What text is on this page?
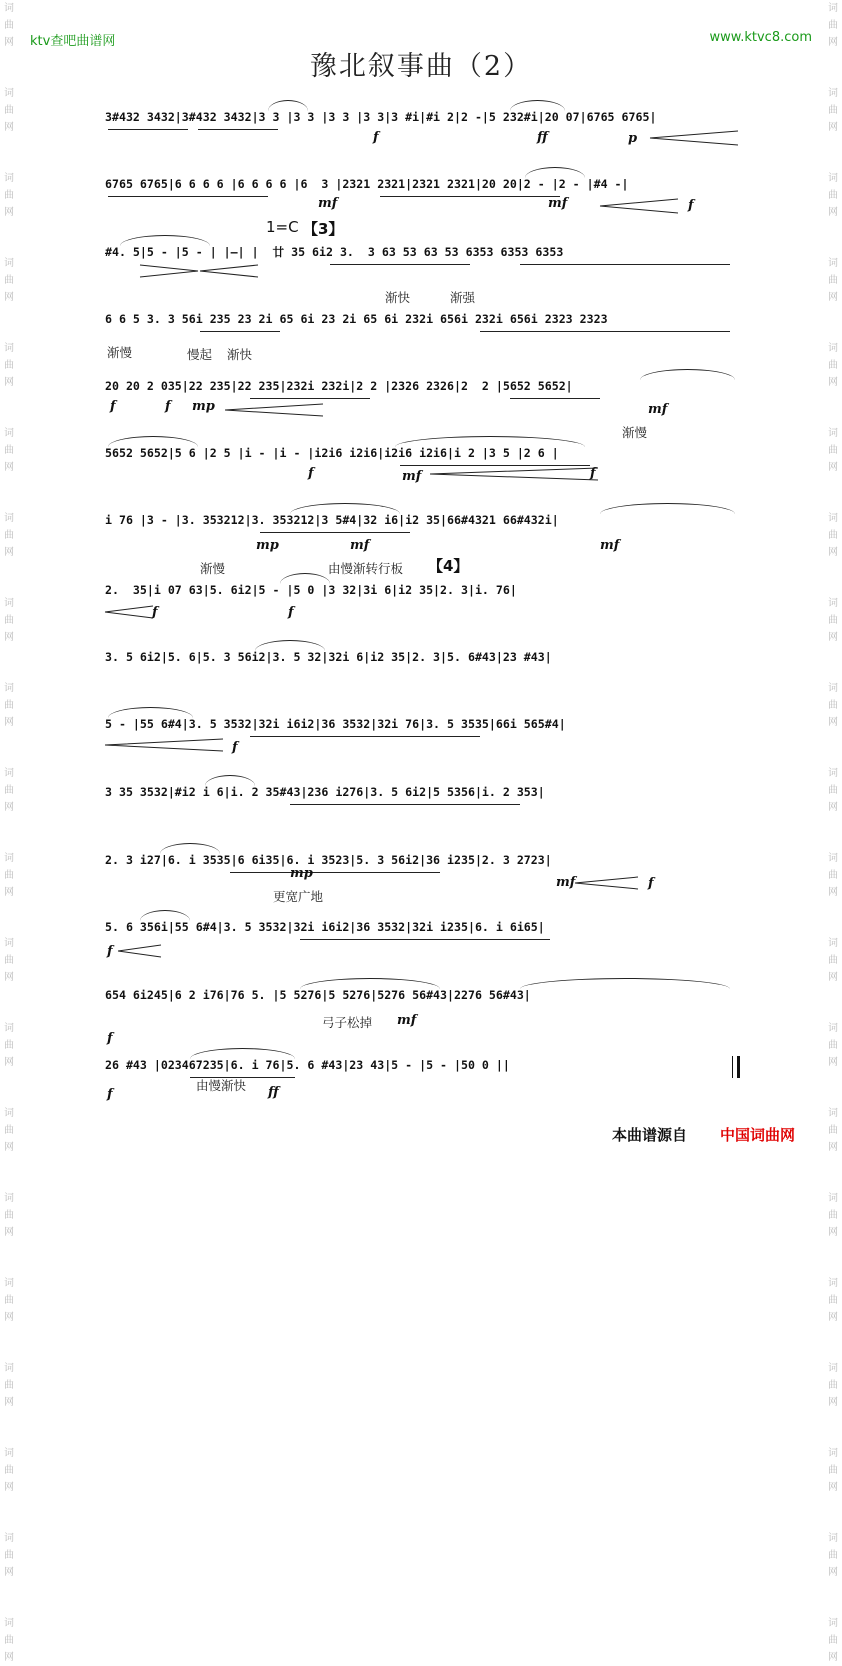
词
曲
网

词
曲
网

词
曲
网

词
曲
网

词
曲
网

词
曲
网

词
曲
网

词
曲
网

词
曲
网

词
曲
网

词
曲
网

词
曲
网

词
曲
网

词
曲
网

词
曲
网

词
曲
网

词
曲
网

词
曲
网

词
曲
网

词
曲
网
词
曲
网

词
曲
网

词
曲
网

词
曲
网

词
曲
网

词
曲
网

词
曲
网

词
曲
网

词
曲
网

词
曲
网

词
曲
网

词
曲
网

词
曲
网

词
曲
网

词
曲
网

词
曲
网

词
曲
网

词
曲
网

词
曲
网

词
曲
网
ktv查吧曲谱网	www.ktvc8.com
豫北叙事曲（2）
3#432 3432|3#432 3432|3 3 |3 3 |3 3 |3 3|3 #i|#i 2|2 -|5 232#i|20 07|6765 6765|
6765 6765|6 6 6 6 |6 6 6 6 |6  3 |2321 2321|2321 2321|20 20|2 - |2 - |#4 -|
#4. 5|5 - |5 - | |—| |  廿 35 6i2 3.  3 63 53 63 53 6353 6353 6353
6 6 5 3. 3 56i 235 23 2i 65 6i 23 2i 65 6i 232i 656i 232i 656i 2323 2323
20 20 2 035|22 235|22 235|232i 232i|2 2 |2326 2326|2  2 |5652 5652|
5652 5652|5 6 |2 5 |i - |i - |i2i6 i2i6|i2i6 i2i6|i 2 |3 5 |2 6 |
i 76 |3 - |3. 353212|3. 353212|3 5#4|32 i6|i2 35|66#4321 66#432i|
2.  35|i 07 63|5. 6i2|5 - |5 0 |3 32|3i 6|i2 35|2. 3|i. 76|
3. 5 6i2|5. 6|5. 3 56i2|3. 5 32|32i 6|i2 35|2. 3|5. 6#43|23 #43|
5 - |55 6#4|3. 5 3532|32i i6i2|36 3532|32i 76|3. 5 3535|66i 565#4|
3 35 3532|#i2 i 6|i. 2 35#43|236 i276|3. 5 6i2|5 5356|i. 2 353|
2. 3 i27|6. i 3535|6 6i35|6. i 3523|5. 3 56i2|36 i235|2. 3 2723|
5. 6 356i|55 6#4|3. 5 3532|32i i6i2|36 3532|32i i235|6. i 6i65|
654 6i245|6 2 i76|76 5. |5 5276|5 5276|5276 56#43|2276 56#43|
26 #43 |023467235|6. i 76|5. 6 #43|23 43|5 - |5 - |50 0 ||
1=C 【3】
【4】
f	ff	p
mf	mf	f
f	f mp	mf
f	mf	f
mp	mf	mf
f	f
f
mp
mf	f
f
mf
f
f	ff
渐快	渐强
渐慢	慢起 渐快
渐慢
渐慢	由慢渐转行板
更宽广地
弓子松掉
由慢渐快
本曲谱源自 中国词曲网
